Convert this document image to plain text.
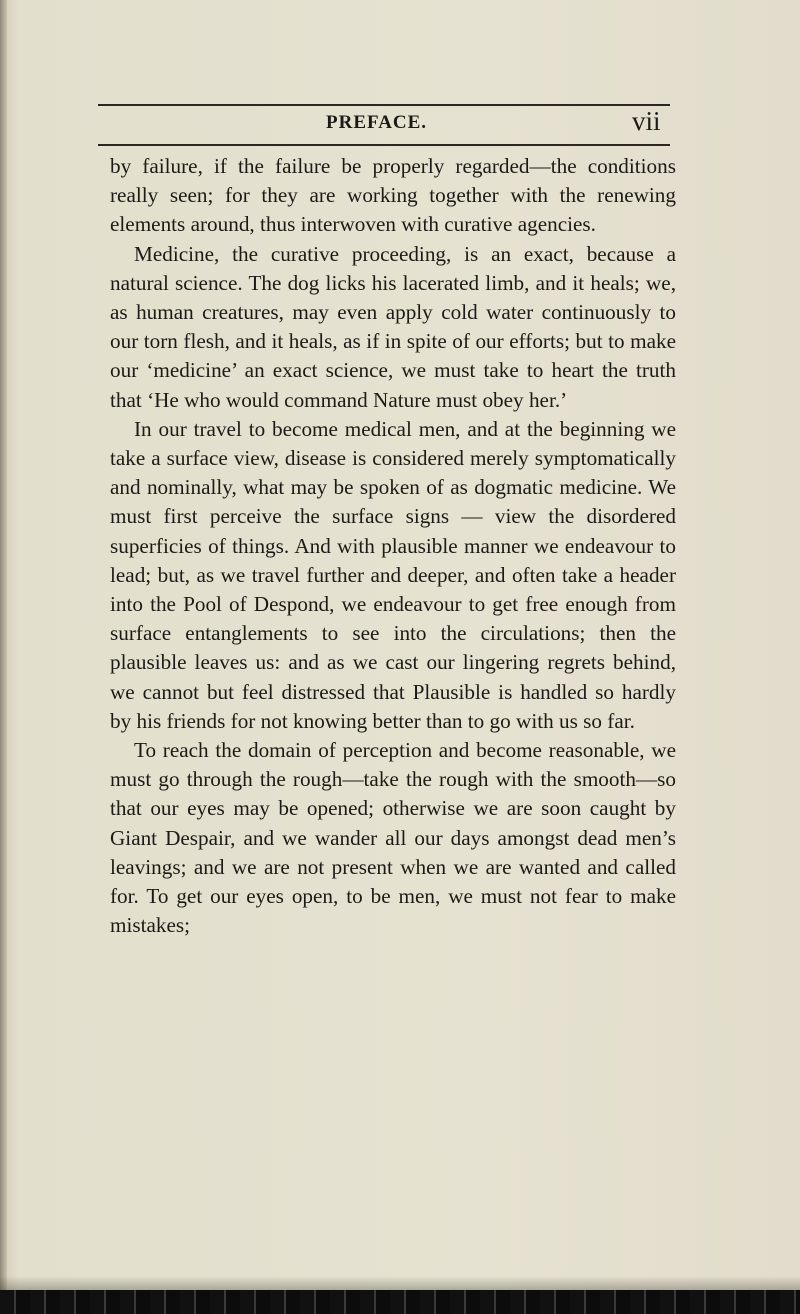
PREFACE.	vii

by failure, if the failure be properly regarded—the conditions really seen; for they are working together with the renewing elements around, thus interwoven with curative agencies.

Medicine, the curative proceeding, is an exact, because a natural science. The dog licks his lacerated limb, and it heals; we, as human creatures, may even apply cold water continuously to our torn flesh, and it heals, as if in spite of our efforts; but to make our ‘medicine’ an exact science, we must take to heart the truth that ‘He who would command Nature must obey her.’

In our travel to become medical men, and at the beginning we take a surface view, disease is considered merely symptomatically and nominally, what may be spoken of as dogmatic medicine. We must first perceive the surface signs — view the disordered superficies of things. And with plausible manner we endeavour to lead; but, as we travel further and deeper, and often take a header into the Pool of Despond, we endeavour to get free enough from surface entanglements to see into the circulations; then the plausible leaves us: and as we cast our lingering regrets behind, we cannot but feel distressed that Plausible is handled so hardly by his friends for not knowing better than to go with us so far.

To reach the domain of perception and become reasonable, we must go through the rough—take the rough with the smooth—so that our eyes may be opened; otherwise we are soon caught by Giant Despair, and we wander all our days amongst dead men’s leavings; and we are not present when we are wanted and called for. To get our eyes open, to be men, we must not fear to make mistakes;
